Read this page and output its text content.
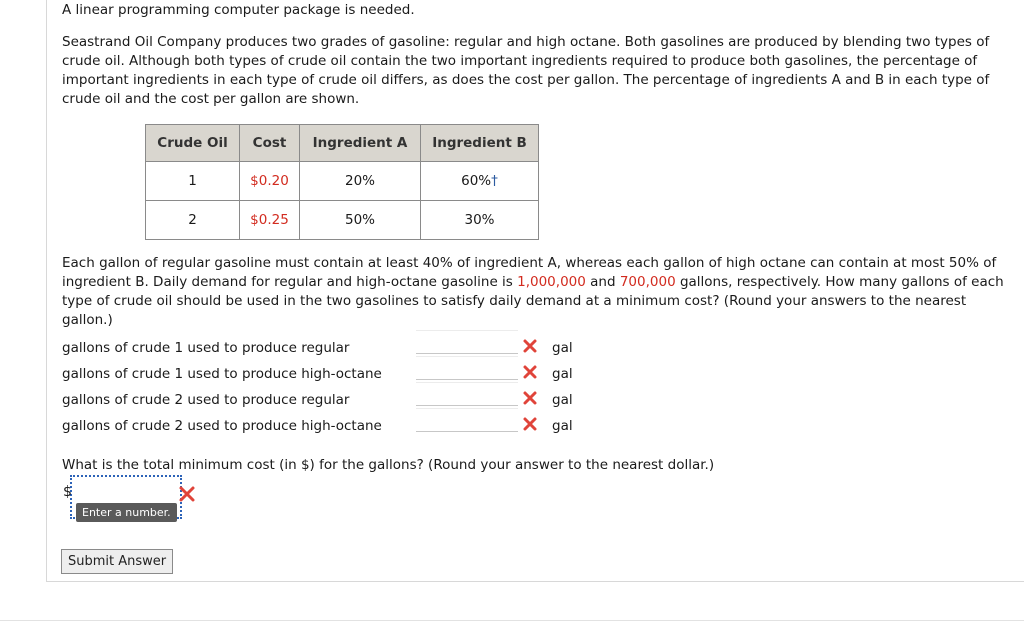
A linear programming computer package is needed.
Seastrand Oil Company produces two grades of gasoline: regular and high octane. Both gasolines are produced by blending two types of crude oil. Although both types of crude oil contain the two important ingredients required to produce both gasolines, the percentage of important ingredients in each type of crude oil differs, as does the cost per gallon. The percentage of ingredients A and B in each type of crude oil and the cost per gallon are shown.
Crude Oil	Cost	Ingredient A	Ingredient B
1	$0.20	20%	60%†
2	$0.25	50%	30%
Each gallon of regular gasoline must contain at least 40% of ingredient A, whereas each gallon of high octane can contain at most 50% of ingredient B. Daily demand for regular and high-octane gasoline is 1,000,000 and 700,000 gallons, respectively. How many gallons of each type of crude oil should be used in the two gasolines to satisfy daily demand at a minimum cost? (Round your answers to the nearest gallon.)
gallons of crude 1 used to produce regular	gal
gallons of crude 1 used to produce high-octane	gal
gallons of crude 2 used to produce regular	gal
gallons of crude 2 used to produce high-octane	gal
What is the total minimum cost (in $) for the gallons? (Round your answer to the nearest dollar.)
$
Enter a number.
Submit Answer
